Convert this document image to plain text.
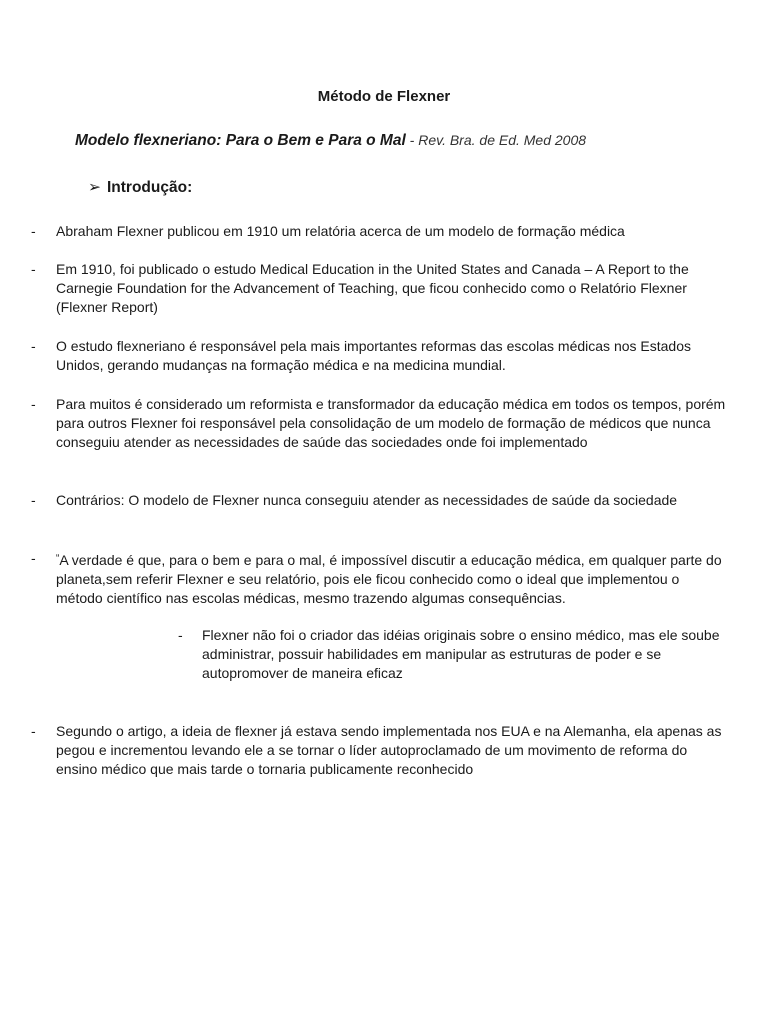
Método de Flexner
Modelo flexneriano: Para o Bem e Para o Mal - Rev. Bra. de Ed. Med 2008
➢ Introdução:
- Abraham Flexner publicou em 1910 um relatória acerca de um modelo de formação médica
- Em 1910, foi publicado o estudo Medical Education in the United States and Canada – A Report to the Carnegie Foundation for the Advancement of Teaching, que ficou conhecido como o Relatório Flexner (Flexner Report)
- O estudo flexneriano é responsável pela mais importantes reformas das escolas médicas nos Estados Unidos, gerando mudanças na formação médica e na medicina mundial.
- Para muitos é considerado um reformista e transformador da educação médica em todos os tempos, porém para outros Flexner foi responsável pela consolidação de um modelo de formação de médicos que nunca conseguiu atender as necessidades de saúde das sociedades onde foi implementado
- Contrários: O modelo de Flexner nunca conseguiu atender as necessidades de saúde da sociedade
- “A verdade é que, para o bem e para o mal, é impossível discutir a educação médica, em qualquer parte do planeta,sem referir Flexner e seu relatório, pois ele ficou conhecido como o ideal que implementou o método científico nas escolas médicas, mesmo trazendo algumas consequências.
- Flexner não foi o criador das idéias originais sobre o ensino médico, mas ele soube administrar, possuir habilidades em manipular as estruturas de poder e se autopromover de maneira eficaz
- Segundo o artigo, a ideia de flexner já estava sendo implementada nos EUA e na Alemanha, ela apenas as pegou e incrementou levando ele a se tornar o líder autoproclamado de um movimento de reforma do ensino médico que mais tarde o tornaria publicamente reconhecido
